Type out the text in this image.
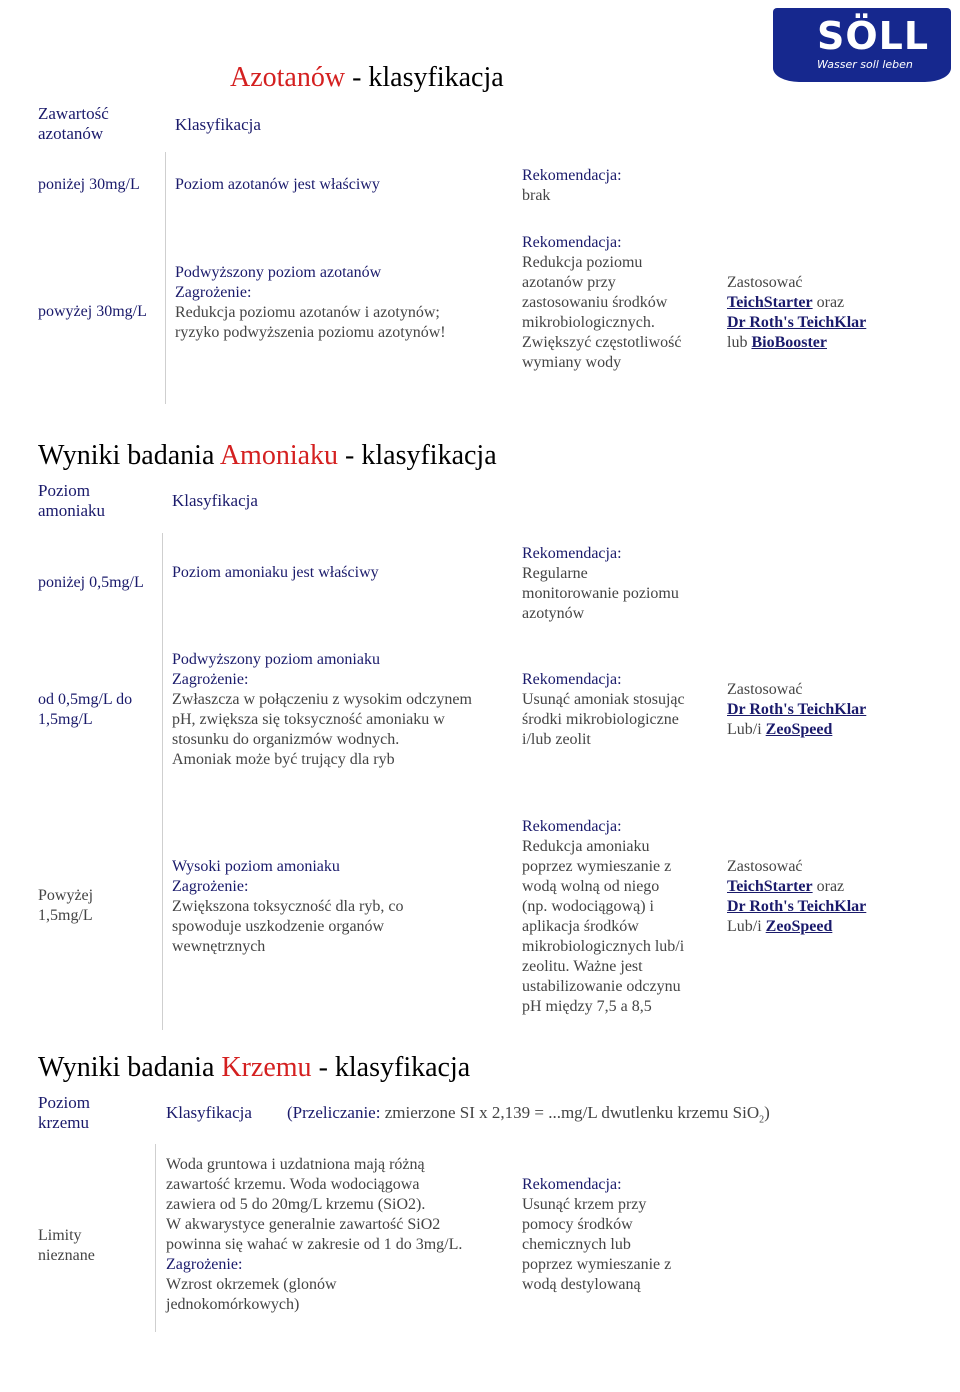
SÖLL
Wasser soll leben
Azotanów - klasyfikacja
Zawartość
azotanów	Klasyfikacja
poniżej 30mg/L Poziom azotanów jest właściwy
Rekomendacja:
brak
powyżej 30mg/L
Podwyższony poziom azotanów
Zagrożenie:
Redukcja poziomu azotanów i azotynów;
ryzyko podwyższenia poziomu azotynów!
Rekomendacja:
Redukcja poziomu
azotanów przy
zastosowaniu środków
mikrobiologicznych.
Zwiększyć częstotliwość
wymiany wody
Zastosować
TeichStarter oraz
Dr Roth's TeichKlar
lub BioBooster
Wyniki badania Amoniaku - klasyfikacja
Poziom
amoniaku
Klasyfikacja
poniżej 0,5mg/L
Poziom amoniaku jest właściwy
Rekomendacja:
Regularne
monitorowanie poziomu
azotynów
od 0,5mg/L do
1,5mg/L
Podwyższony poziom amoniaku
Zagrożenie:
Zwłaszcza w połączeniu z wysokim odczynem
pH, zwiększa się toksyczność amoniaku w
stosunku do organizmów wodnych.
Amoniak może być trujący dla ryb
Rekomendacja:
Usunąć amoniak stosując
środki mikrobiologiczne
i/lub zeolit
Zastosować
Dr Roth's TeichKlar
Lub/i ZeoSpeed
Powyżej
1,5mg/L
Wysoki poziom amoniaku
Zagrożenie:
Zwiększona toksyczność dla ryb, co
spowoduje uszkodzenie organów
wewnętrznych
Rekomendacja:
Redukcja amoniaku
poprzez wymieszanie z
wodą wolną od niego
(np. wodociągową) i
aplikacja środków
mikrobiologicznych lub/i
zeolitu. Ważne jest
ustabilizowanie odczynu
pH między 7,5 a 8,5
Zastosować
TeichStarter oraz
Dr Roth's TeichKlar
Lub/i ZeoSpeed
Wyniki badania Krzemu - klasyfikacja
Poziom
krzemu
Klasyfikacja (Przeliczanie: zmierzone SI x 2,139 = ...mg/L dwutlenku krzemu SiO$_2$)
Limity
nieznane
Woda gruntowa i uzdatniona mają różną
zawartość krzemu. Woda wodociągowa
zawiera od 5 do 20mg/L krzemu (SiO2).
W akwarystyce generalnie zawartość SiO2
powinna się wahać w zakresie od 1 do 3mg/L.
Zagrożenie:
Wzrost okrzemek (glonów
jednokomórkowych)
Rekomendacja:
Usunąć krzem przy
pomocy środków
chemicznych lub
poprzez wymieszanie z
wodą destylowaną
